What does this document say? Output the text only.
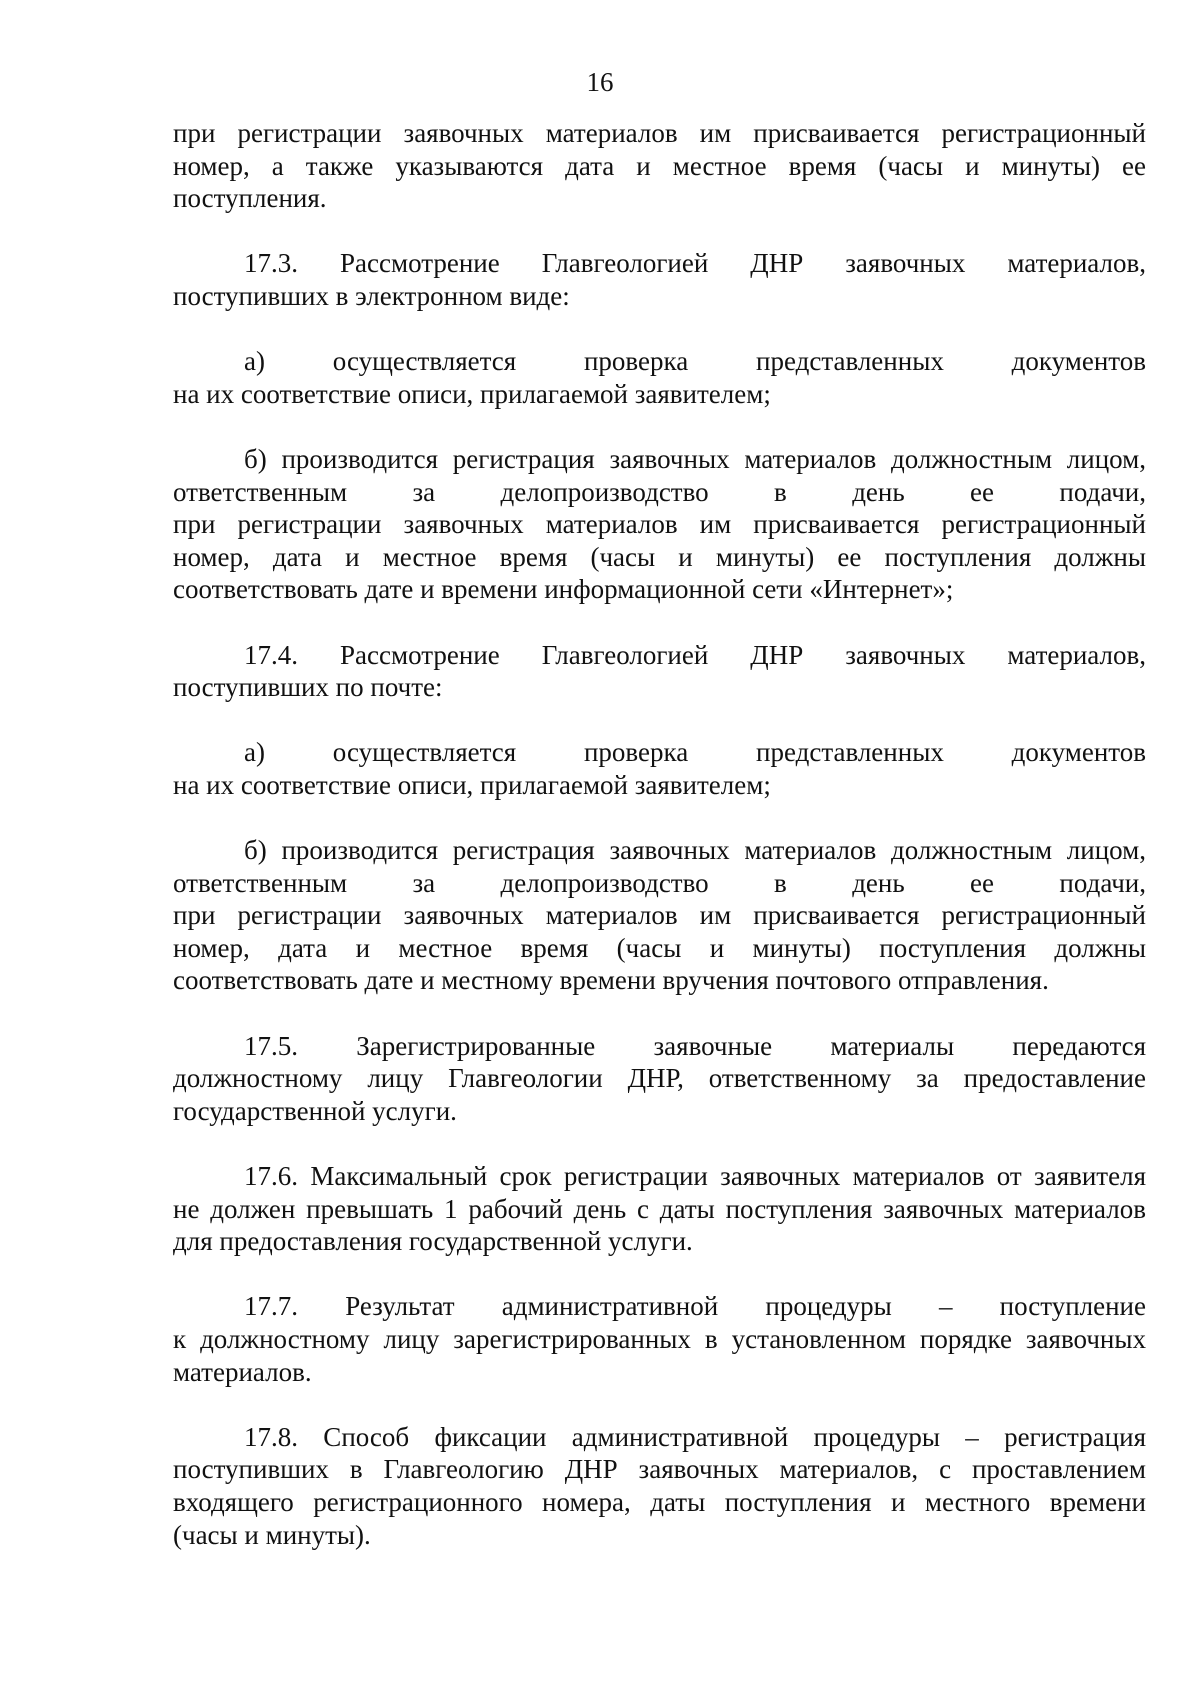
16
при регистрации заявочных материалов им присваивается регистрационный
номер, а также указываются дата и местное время (часы и минуты) ее
поступления.
17.3. Рассмотрение Главгеологией ДНР заявочных материалов,
поступивших в электронном виде:
а) осуществляется проверка представленных документов
на их соответствие описи, прилагаемой заявителем;
б) производится регистрация заявочных материалов должностным лицом,
ответственным за делопроизводство в день ее подачи,
при регистрации заявочных материалов им присваивается регистрационный
номер, дата и местное время (часы и минуты) ее поступления должны
соответствовать дате и времени информационной сети «Интернет»;
17.4. Рассмотрение Главгеологией ДНР заявочных материалов,
поступивших по почте:
а) осуществляется проверка представленных документов
на их соответствие описи, прилагаемой заявителем;
б) производится регистрация заявочных материалов должностным лицом,
ответственным за делопроизводство в день ее подачи,
при регистрации заявочных материалов им присваивается регистрационный
номер, дата и местное время (часы и минуты) поступления должны
соответствовать дате и местному времени вручения почтового отправления.
17.5. Зарегистрированные заявочные материалы передаются
должностному лицу Главгеологии ДНР, ответственному за предоставление
государственной услуги.
17.6. Максимальный срок регистрации заявочных материалов от заявителя
не должен превышать 1 рабочий день с даты поступления заявочных материалов
для предоставления государственной услуги.
17.7. Результат административной процедуры – поступление
к должностному лицу зарегистрированных в установленном порядке заявочных
материалов.
17.8. Способ фиксации административной процедуры – регистрация
поступивших в Главгеологию ДНР заявочных материалов, с проставлением
входящего регистрационного номера, даты поступления и местного времени
(часы и минуты).
